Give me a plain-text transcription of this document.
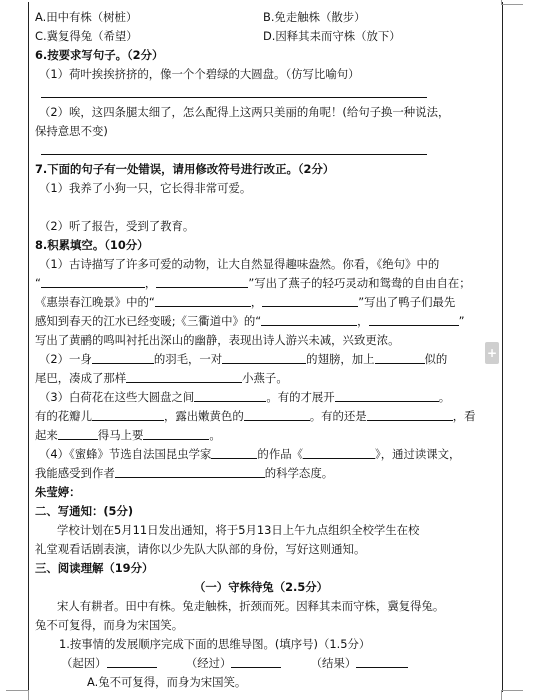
+
A.田中有株（树桩）	B.免走触株（散步）
C.冀复得兔（希望）	D.因释其耒而守株（放下）
6.按要求写句子。（2分）
（1）荷叶挨挨挤挤的，像一个个碧绿的大圆盘。（仿写比喻句）
（2）唉，这四条腿太细了，怎么配得上这两只美丽的角呢！(给句子换一种说法，
保持意思不变)
7.下面的句子有一处错误，请用修改符号进行改正。（2分）
（1）我养了小狗一只，它长得非常可爱。
（2）听了报告，受到了教育。
8.积累填空。（10分）
（1）古诗描写了许多可爱的动物，让大自然显得趣味盎然。你看，《绝句》中的
“	，	”写出了燕子的轻巧灵动和鸳鸯的自由自在；
《惠崇春江晚景》中的“	，	”写出了鸭子们最先
感知到春天的江水已经变暖;《三衢道中》的“	，	”
写出了黄鹂的鸣叫衬托出深山的幽静，表现出诗人游兴未减，兴致更浓。
（2）一身	的羽毛，一对	的翅膀，加上	似的
尾巴，凑成了那样	小燕子。
（3）白荷花在这些大圆盘之间	。有的才展开	。
有的花瓣儿	，露出嫩黄色的	。有的还是	，看
起来	得马上要	。
（4）《蜜蜂》节选自法国昆虫学家	的作品《	》，通过读课文，
我能感受到作者	的科学态度。
朱莹婷：
二、写通知：(5分)
学校计划在5月11日发出通知，将于5月13日上午九点组织全校学生在校
礼堂观看话剧表演，请你以少先队大队部的身份，写好这则通知。
三、阅读理解（19分）
（一）守株待兔（2.5分）
宋人有耕者。田中有株。兔走触株，折颈而死。因释其耒而守株，冀复得兔。
兔不可复得，而身为宋国笑。
1.按事情的发展顺序完成下面的思维导图。(填序号)（1.5分）
（起因）	（经过）	（结果）
A.兔不可复得，而身为宋国笑。
